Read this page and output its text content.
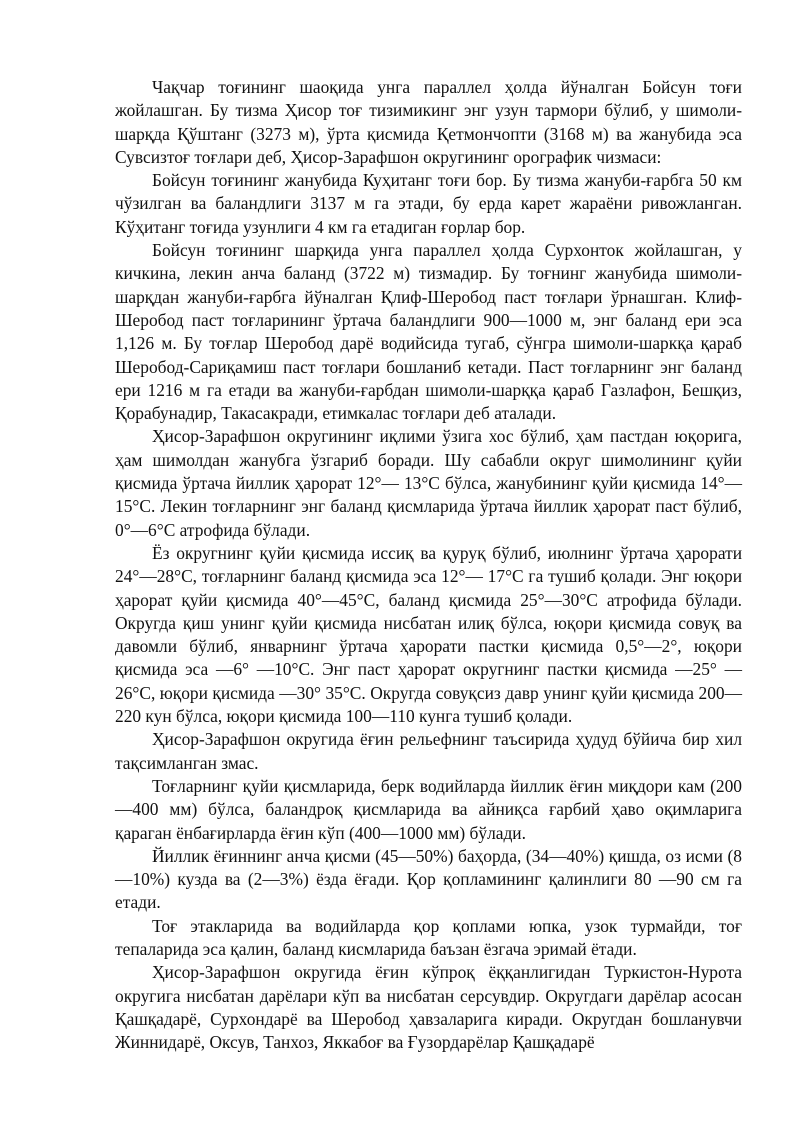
Чақчар тоғининг шаоқида унга параллел ҳолда йўналган Бойсун тоғи жойлашган. Бу тизма Ҳисор тоғ тизимикинг энг узун тармори бўлиб, у шимоли-шарқда Қўштанг (3273 м), ўрта қисмида Қетмончопти (3168 м) ва жанубида эса Сувсизтоғ тоғлари деб, Ҳисор-Зарафшон округининг орографик чизмаси:

Бойсун тоғининг жанубида Куҳитанг тоғи бор. Бу тизма жануби-ғарбга 50 км чўзилган ва баландлиги 3137 м га этади, бу ерда карет жараёни ривожланган. Кўҳитанг тоғида узунлиги 4 км га етадиган ғорлар бор.

Бойсун тоғининг шарқида унга параллел ҳолда Сурхонток жойлашган, у кичкина, лекин анча баланд (3722 м) тизмадир. Бу тоғнинг жанубида шимоли-шарқдан жануби-ғарбга йўналган Қлиф-Шеробод паст тоғлари ўрнашган. Клиф-Шеробод паст тоғларининг ўртача баландлиги 900—1000 м, энг баланд ери эса 1,126 м. Бу тоғлар Шеробод дарё водийсида тугаб, сўнгра шимоли-шаркқа қараб Шеробод-Сариқамиш паст тоғлари бошланиб кетади. Паст тоғларнинг энг баланд ери 1216 м га етади ва жануби-ғарбдан шимоли-шарққа қараб Газлафон, Бешқиз, Қорабунадир, Такасакради, етимкалас тоғлари деб аталади.

Ҳисор-Зарафшон округининг иқлими ўзига хос бўлиб, ҳам пастдан юқорига, ҳам шимолдан жанубга ўзгариб боради. Шу сабабли округ шимолининг қуйи қисмида ўртача йиллик ҳарорат 12°— 13°С бўлса, жанубининг қуйи қисмида 14°—15°С. Лекин тоғларнинг энг баланд қисмларида ўртача йиллик ҳарорат паст бўлиб, 0°—6°С атрофида бўлади.

Ёз округнинг қуйи қисмида иссиқ ва қуруқ бўлиб, июлнинг ўртача ҳарорати 24°—28°С, тоғларнинг баланд қисмида эса 12°— 17°С га тушиб қолади. Энг юқори ҳарорат қуйи қисмида 40°—45°С, баланд қисмида 25°—30°С атрофида бўлади. Округда қиш унинг қуйи қисмида нисбатан илиқ бўлса, юқори қисмида совуқ ва давомли бўлиб, январнинг ўртача ҳарорати пастки қисмида 0,5°—2°, юқори қисмида эса —6° —10°С. Энг паст ҳарорат округнинг пастки қисмида —25° —26°С, юқори қисмида —30° 35°С. Округда совуқсиз давр унинг қуйи қисмида 200—220 кун бўлса, юқори қисмида 100—110 кунга тушиб қолади.

Ҳисор-Зарафшон округида ёғин рельефнинг таъсирида ҳудуд бўйича бир хил тақсимланган змас.

Тоғларнинг қуйи қисмларида, берк водийларда йиллик ёғин миқдори кам (200—400 мм) бўлса, баландроқ қисмларида ва айниқса ғарбий ҳаво оқимларига қараган ёнбағирларда ёғин кўп (400—1000 мм) бўлади.

Йиллик ёғиннинг анча қисми (45—50%) баҳорда, (34—40%) қишда, оз исми (8—10%) кузда ва (2—3%) ёзда ёғади. Қор қопламининг қалинлиги 80 —90 см га етади.

Тоғ этакларида ва водийларда қор қоплами юпка, узок турмайди, тоғ тепаларида эса қалин, баланд кисмларида баъзан ёзгача эримай ётади.

Ҳисор-Зарафшон округида ёғин кўпроқ ёққанлигидан Туркистон-Нурота округига нисбатан дарёлари кўп ва нисбатан серсувдир. Округдаги дарёлар асосан Қашқадарё, Сурхондарё ва Шеробод ҳавзаларига киради. Округдан бошланувчи Жиннидарё, Оксув, Танхоз, Яккабоғ ва Ғузордарёлар Қашқадарё
